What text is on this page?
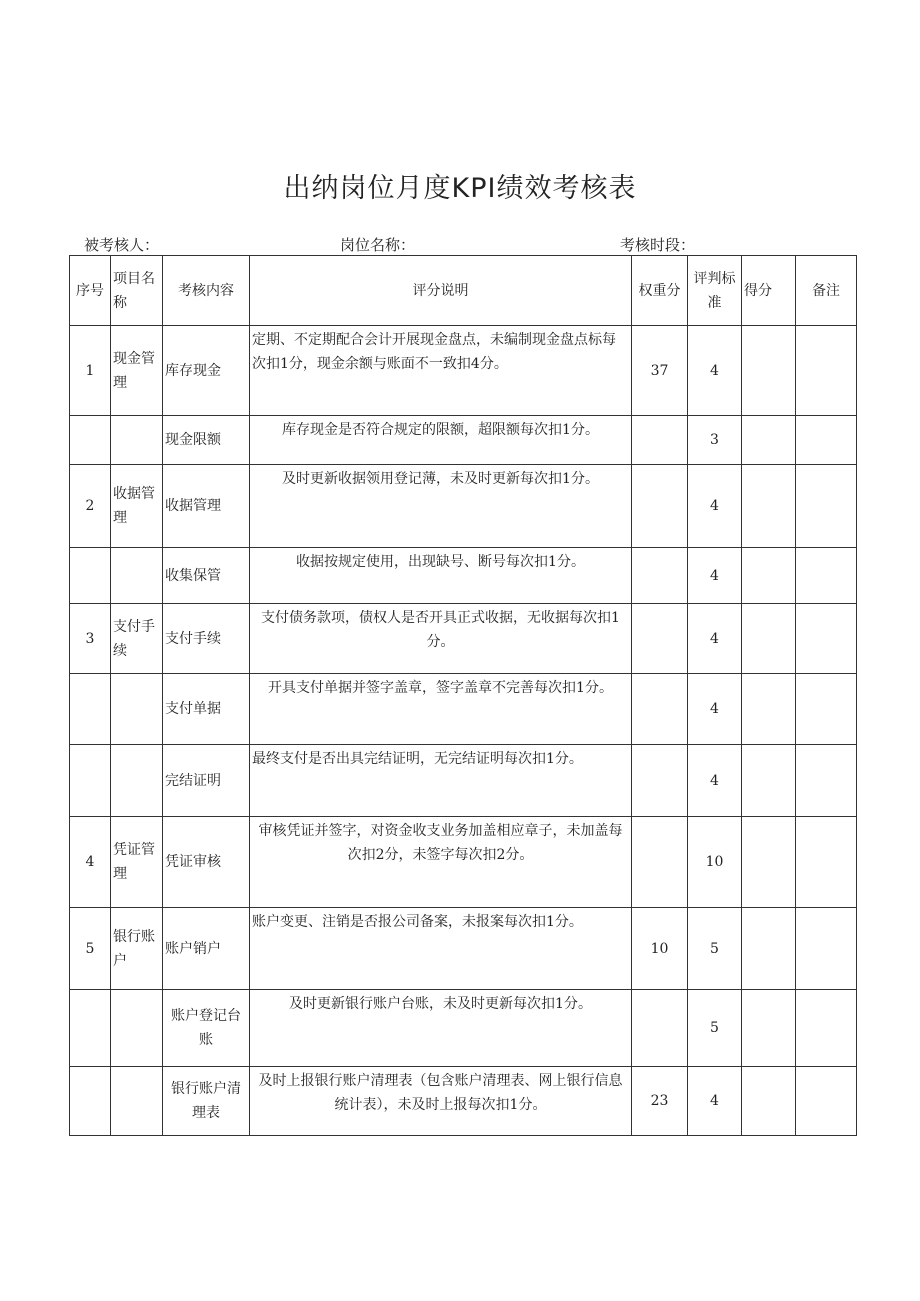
出纳岗位月度KPI绩效考核表
被考核人：	岗位名称：	考核时段：
序号	项目名称	考核内容	评分说明	权重分	评判标准	得分	备注
1	现金管理	库存现金	定期、不定期配合会计开展现金盘点，未编制现金盘点标每次扣1分，现金余额与账面不一致扣4分。	37	4		
		现金限额	库存现金是否符合规定的限额，超限额每次扣1分。		3		
2	收据管理	收据管理	及时更新收据领用登记薄，未及时更新每次扣1分。		4		
		收集保管	收据按规定使用，出现缺号、断号每次扣1分。		4		
3	支付手续	支付手续	支付债务款项，债权人是否开具正式收据，无收据每次扣1分。		4		
		支付单据	开具支付单据并签字盖章，签字盖章不完善每次扣1分。		4		
		完结证明	最终支付是否出具完结证明，无完结证明每次扣1分。		4		
4	凭证管理	凭证审核	审核凭证并签字，对资金收支业务加盖相应章子，未加盖每次扣2分，未签字每次扣2分。		10		
5	银行账户	账户销户	账户变更、注销是否报公司备案，未报案每次扣1分。	10	5		
		账户登记台账	及时更新银行账户台账，未及时更新每次扣1分。		5		
		银行账户清理表	及时上报银行账户清理表（包含账户清理表、网上银行信息统计表），未及时上报每次扣1分。	23	4		
